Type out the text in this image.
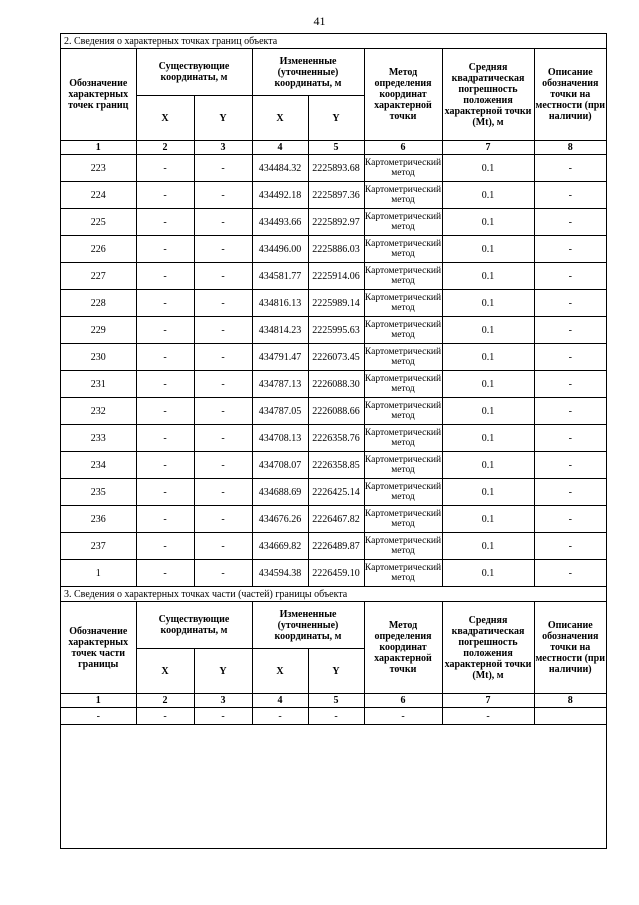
41
2. Сведения о характерных точках границ объекта							
Обозначение характерных точек границ	Существующие координаты, м		Измененные (уточненные) координаты, м		Метод определения координат характерной точки	Средняя квадратическая погрешность положения характерной точки (Mt), м	Описание обозначения точки на местности (при наличии)
	X	Y	X	Y			
1	2	3	4	5	6	7	8
223	-	-	434484.32	2225893.68	Картометрический метод	0.1	-
224	-	-	434492.18	2225897.36	Картометрический метод	0.1	-
225	-	-	434493.66	2225892.97	Картометрический метод	0.1	-
226	-	-	434496.00	2225886.03	Картометрический метод	0.1	-
227	-	-	434581.77	2225914.06	Картометрический метод	0.1	-
228	-	-	434816.13	2225989.14	Картометрический метод	0.1	-
229	-	-	434814.23	2225995.63	Картометрический метод	0.1	-
230	-	-	434791.47	2226073.45	Картометрический метод	0.1	-
231	-	-	434787.13	2226088.30	Картометрический метод	0.1	-
232	-	-	434787.05	2226088.66	Картометрический метод	0.1	-
233	-	-	434708.13	2226358.76	Картометрический метод	0.1	-
234	-	-	434708.07	2226358.85	Картометрический метод	0.1	-
235	-	-	434688.69	2226425.14	Картометрический метод	0.1	-
236	-	-	434676.26	2226467.82	Картометрический метод	0.1	-
237	-	-	434669.82	2226489.87	Картометрический метод	0.1	-
1	-	-	434594.38	2226459.10	Картометрический метод	0.1	-
3. Сведения о характерных точках части (частей) границы объекта							
Обозначение характерных точек части границы	Существующие координаты, м		Измененные (уточненные) координаты, м		Метод определения координат характерной точки	Средняя квадратическая погрешность положения характерной точки (Mt), м	Описание обозначения точки на местности (при наличии)
	X	Y	X	Y			
1	2	3	4	5	6	7	8
-	-	-	-	-	-	-	
